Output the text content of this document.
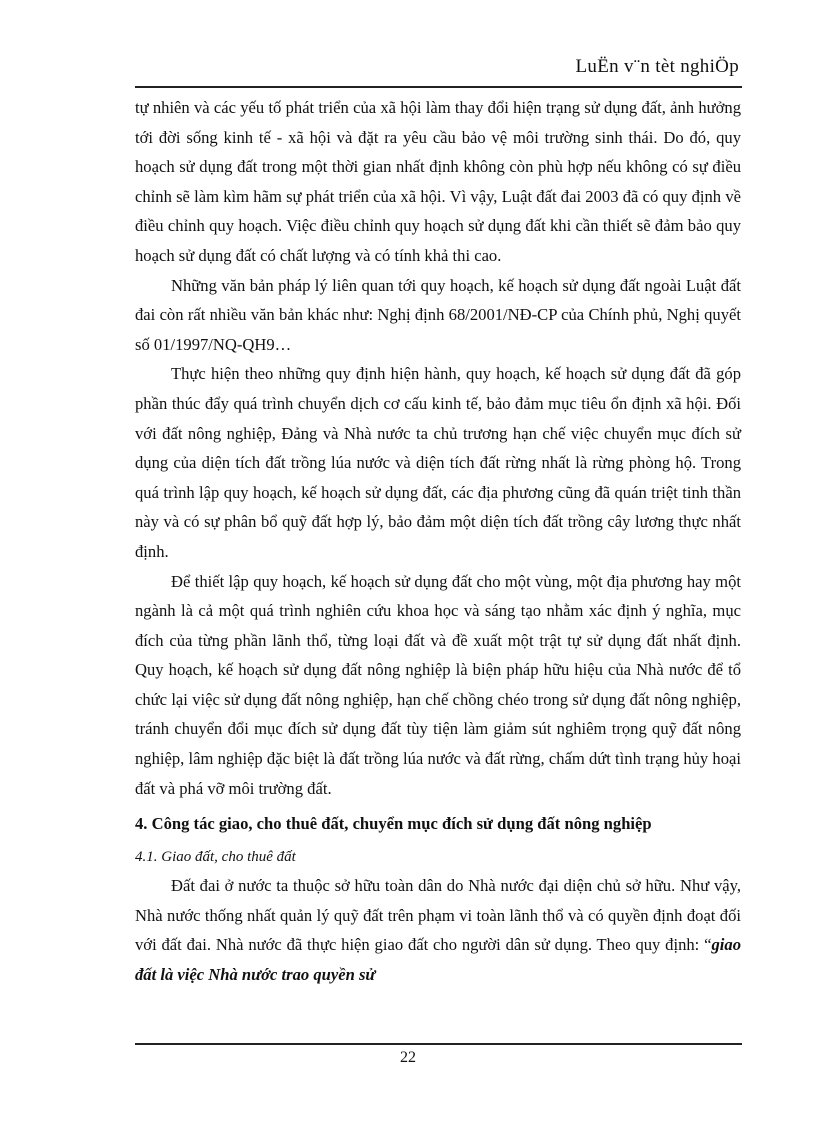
LuËn v¨n tèt nghiÖp

tự nhiên và các yếu tố phát triển của xã hội làm thay đổi hiện trạng sử dụng đất, ảnh hưởng tới đời sống kinh tế - xã hội và đặt ra yêu cầu bảo vệ môi trường sinh thái. Do đó, quy hoạch sử dụng đất trong một thời gian nhất định không còn phù hợp nếu không có sự điều chỉnh sẽ làm kìm hãm sự phát triển của xã hội. Vì vậy, Luật đất đai 2003 đã có quy định về điều chỉnh quy hoạch. Việc điều chỉnh quy hoạch sử dụng đất khi cần thiết sẽ đảm bảo quy hoạch sử dụng đất có chất lượng và có tính khả thi cao.

Những văn bản pháp lý liên quan tới quy hoạch, kế hoạch sử dụng đất ngoài Luật đất đai còn rất nhiều văn bản khác như: Nghị định 68/2001/NĐ-CP của Chính phủ, Nghị quyết số 01/1997/NQ-QH9…

Thực hiện theo những quy định hiện hành, quy hoạch, kế hoạch sử dụng đất đã góp phần thúc đẩy quá trình chuyển dịch cơ cấu kinh tế, bảo đảm mục tiêu ổn định xã hội. Đối với đất nông nghiệp, Đảng và Nhà nước ta chủ trương hạn chế việc chuyển mục đích sử dụng của diện tích đất trồng lúa nước và diện tích đất rừng nhất là rừng phòng hộ. Trong quá trình lập quy hoạch, kế hoạch sử dụng đất, các địa phương cũng đã quán triệt tinh thần này và có sự phân bổ quỹ đất hợp lý, bảo đảm một diện tích đất trồng cây lương thực nhất định.

Để thiết lập quy hoạch, kế hoạch sử dụng đất cho một vùng, một địa phương hay một ngành là cả một quá trình nghiên cứu khoa học và sáng tạo nhằm xác định ý nghĩa, mục đích của từng phần lãnh thổ, từng loại đất và đề xuất một trật tự sử dụng đất nhất định. Quy hoạch, kế hoạch sử dụng đất nông nghiệp là biện pháp hữu hiệu của Nhà nước để tổ chức lại việc sử dụng đất nông nghiệp, hạn chế chồng chéo trong sử dụng đất nông nghiệp, tránh chuyển đổi mục đích sử dụng đất tùy tiện làm giảm sút nghiêm trọng quỹ đất nông nghiệp, lâm nghiệp đặc biệt là đất trồng lúa nước và đất rừng, chấm dứt tình trạng hủy hoại đất và phá vỡ môi trường đất.

4. Công tác giao, cho thuê đất, chuyển mục đích sử dụng đất nông nghiệp
4.1. Giao đất, cho thuê đất

Đất đai ở nước ta thuộc sở hữu toàn dân do Nhà nước đại diện chủ sở hữu. Như vậy, Nhà nước thống nhất quản lý quỹ đất trên phạm vi toàn lãnh thổ và có quyền định đoạt đối với đất đai. Nhà nước đã thực hiện giao đất cho người dân sử dụng. Theo quy định: “giao đất là việc Nhà nước trao quyền sử

22
